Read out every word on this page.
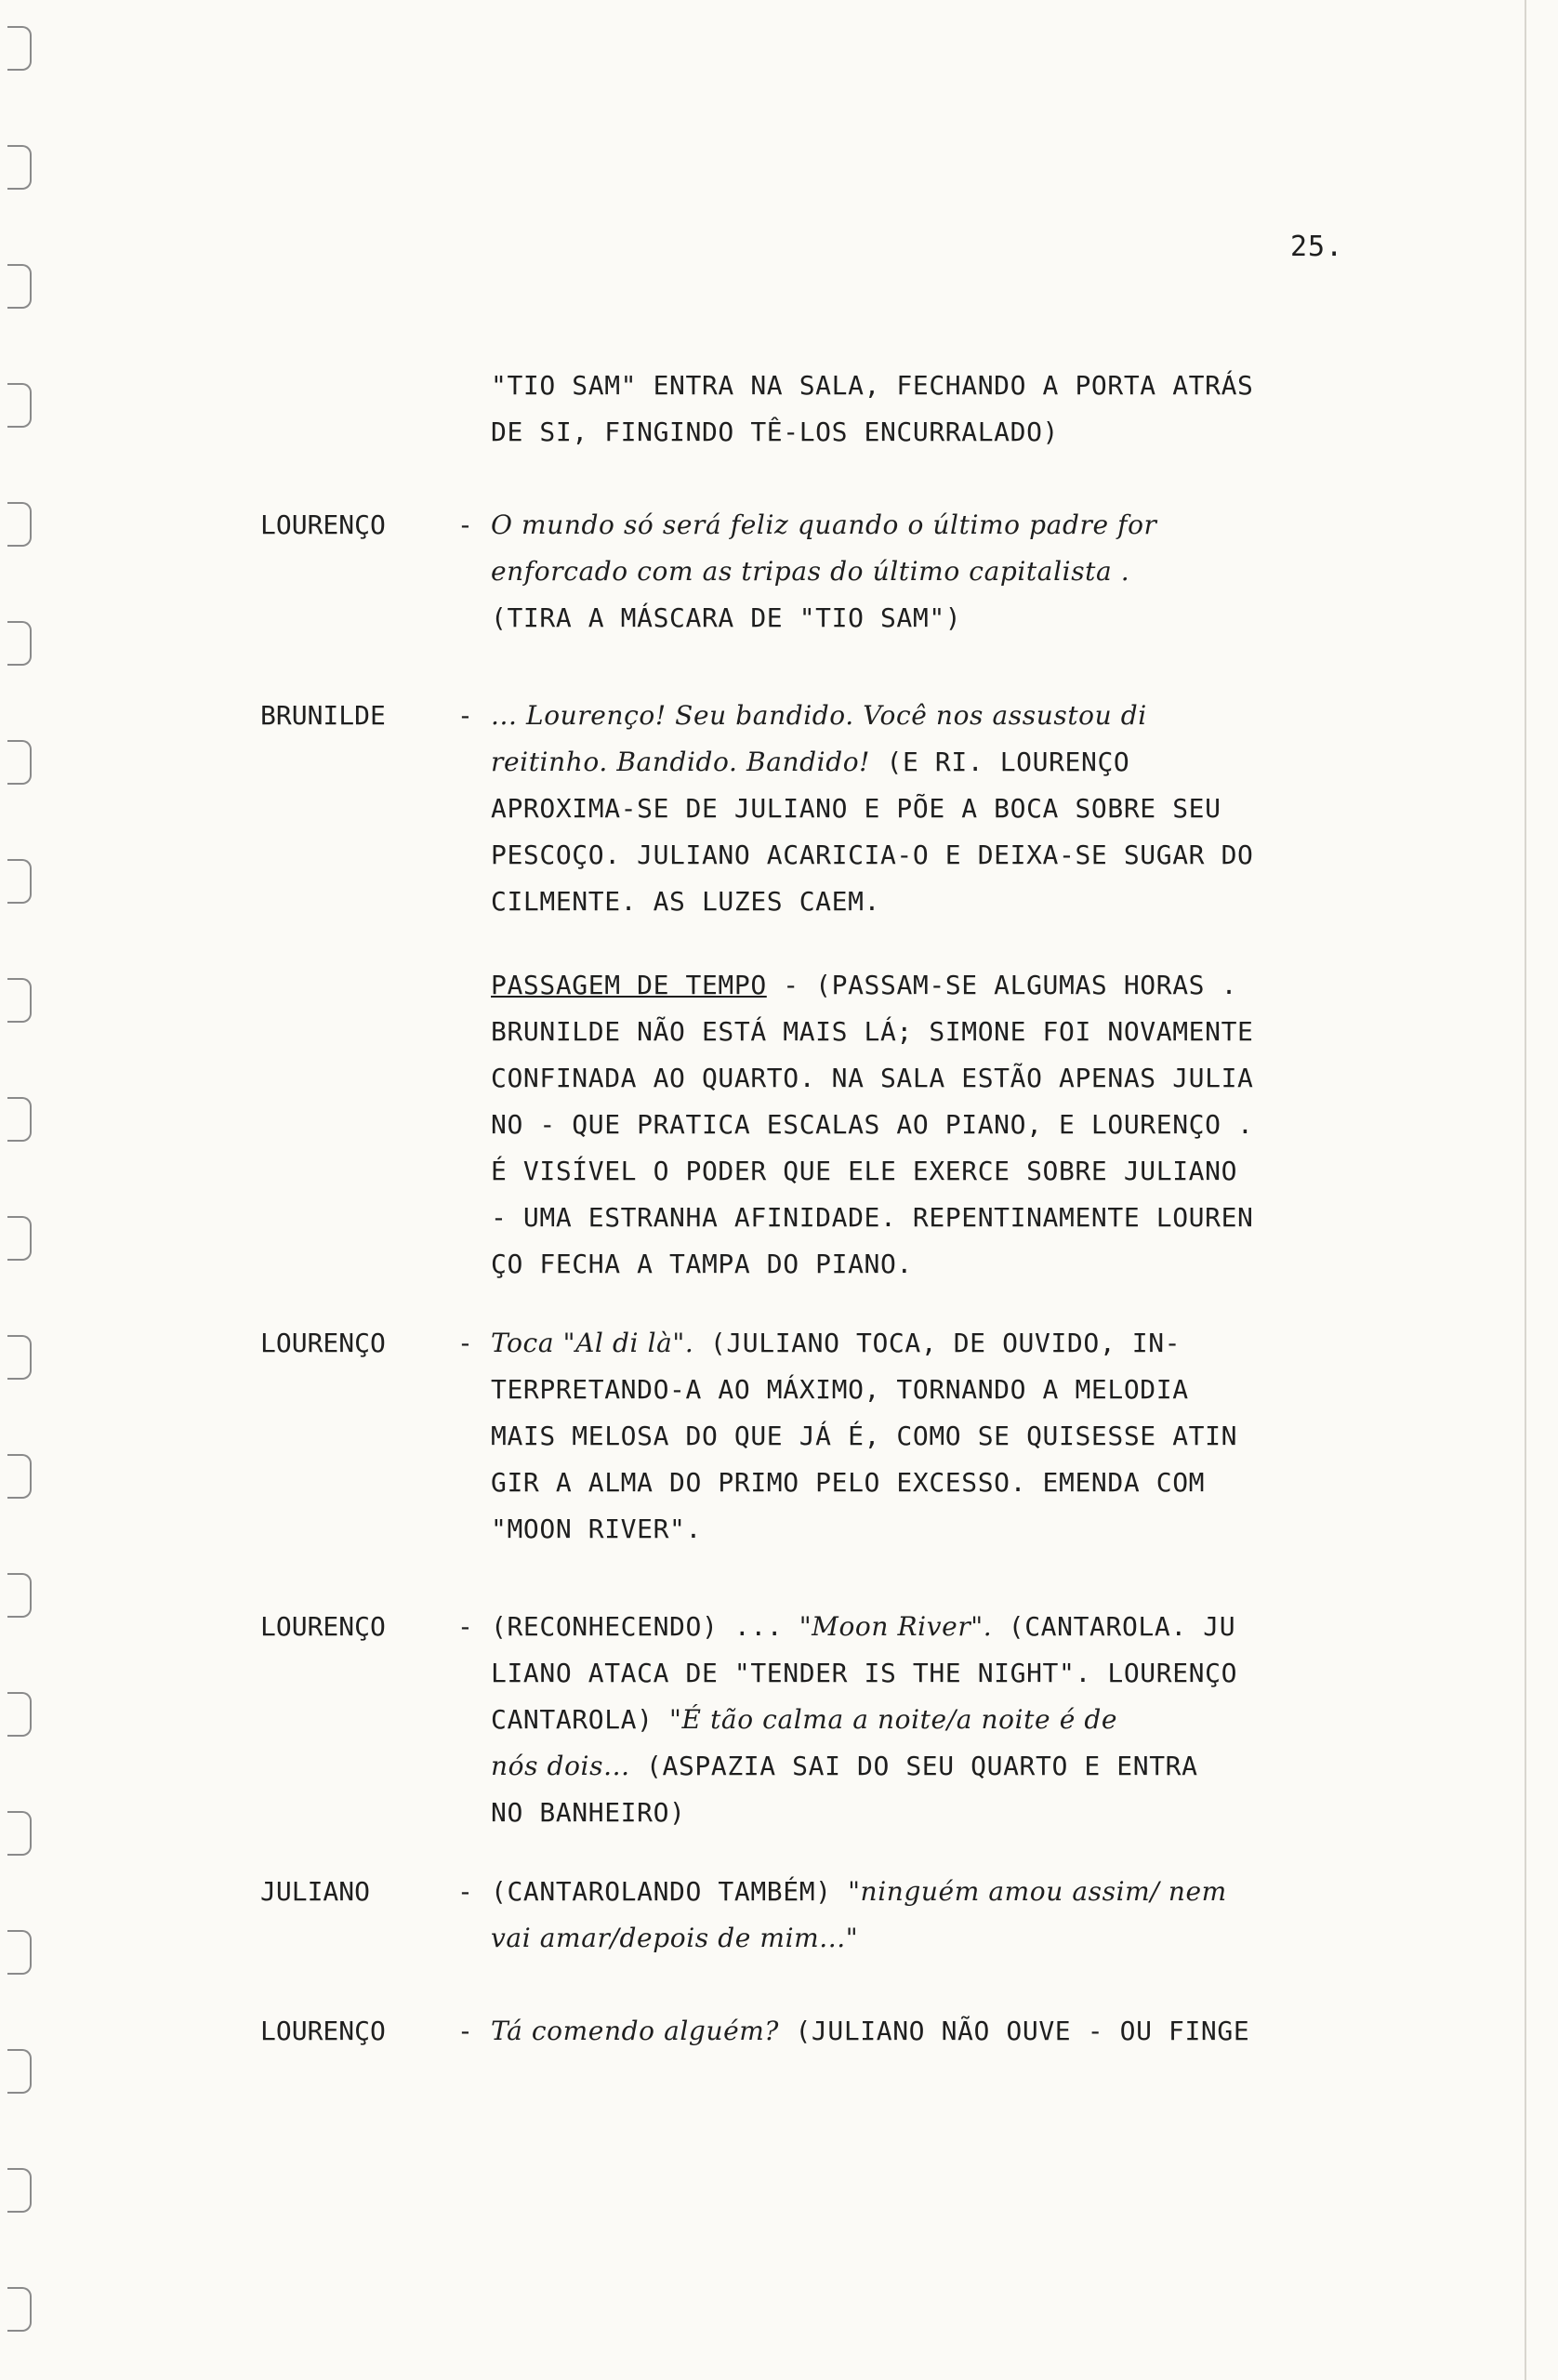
25.
"TIO SAM" ENTRA NA SALA, FECHANDO A PORTA ATRÁS
DE SI, FINGINDO TÊ-LOS ENCURRALADO)
LOURENÇO	- O mundo só será feliz quando o último padre for
enforcado com as tripas do último capitalista .
(TIRA A MÁSCARA DE "TIO SAM")
BRUNILDE	- ... Lourenço! Seu bandido. Você nos assustou di
reitinho. Bandido. Bandido! (E RI. LOURENÇO
APROXIMA-SE DE JULIANO E PÕE A BOCA SOBRE SEU
PESCOÇO. JULIANO ACARICIA-O E DEIXA-SE SUGAR DO
CILMENTE. AS LUZES CAEM.
PASSAGEM DE TEMPO - (PASSAM-SE ALGUMAS HORAS .
BRUNILDE NÃO ESTÁ MAIS LÁ; SIMONE FOI NOVAMENTE
CONFINADA AO QUARTO. NA SALA ESTÃO APENAS JULIA
NO - QUE PRATICA ESCALAS AO PIANO, E LOURENÇO .
É VISÍVEL O PODER QUE ELE EXERCE SOBRE JULIANO
- UMA ESTRANHA AFINIDADE. REPENTINAMENTE LOUREN
ÇO FECHA A TAMPA DO PIANO.
LOURENÇO	- Toca "Al di là". (JULIANO TOCA, DE OUVIDO, IN-
TERPRETANDO-A AO MÁXIMO, TORNANDO A MELODIA
MAIS MELOSA DO QUE JÁ É, COMO SE QUISESSE ATIN
GIR A ALMA DO PRIMO PELO EXCESSO. EMENDA COM
"MOON RIVER".
LOURENÇO	- (RECONHECENDO) ... "Moon River". (CANTAROLA. JU
LIANO ATACA DE "TENDER IS THE NIGHT". LOURENÇO
CANTAROLA) "É tão calma a noite/a noite é de
nós dois... (ASPAZIA SAI DO SEU QUARTO E ENTRA
NO BANHEIRO)
JULIANO	- (CANTAROLANDO TAMBÉM) "ninguém amou assim/ nem
vai amar/depois de mim..."
LOURENÇO	- Tá comendo alguém? (JULIANO NÃO OUVE - OU FINGE
